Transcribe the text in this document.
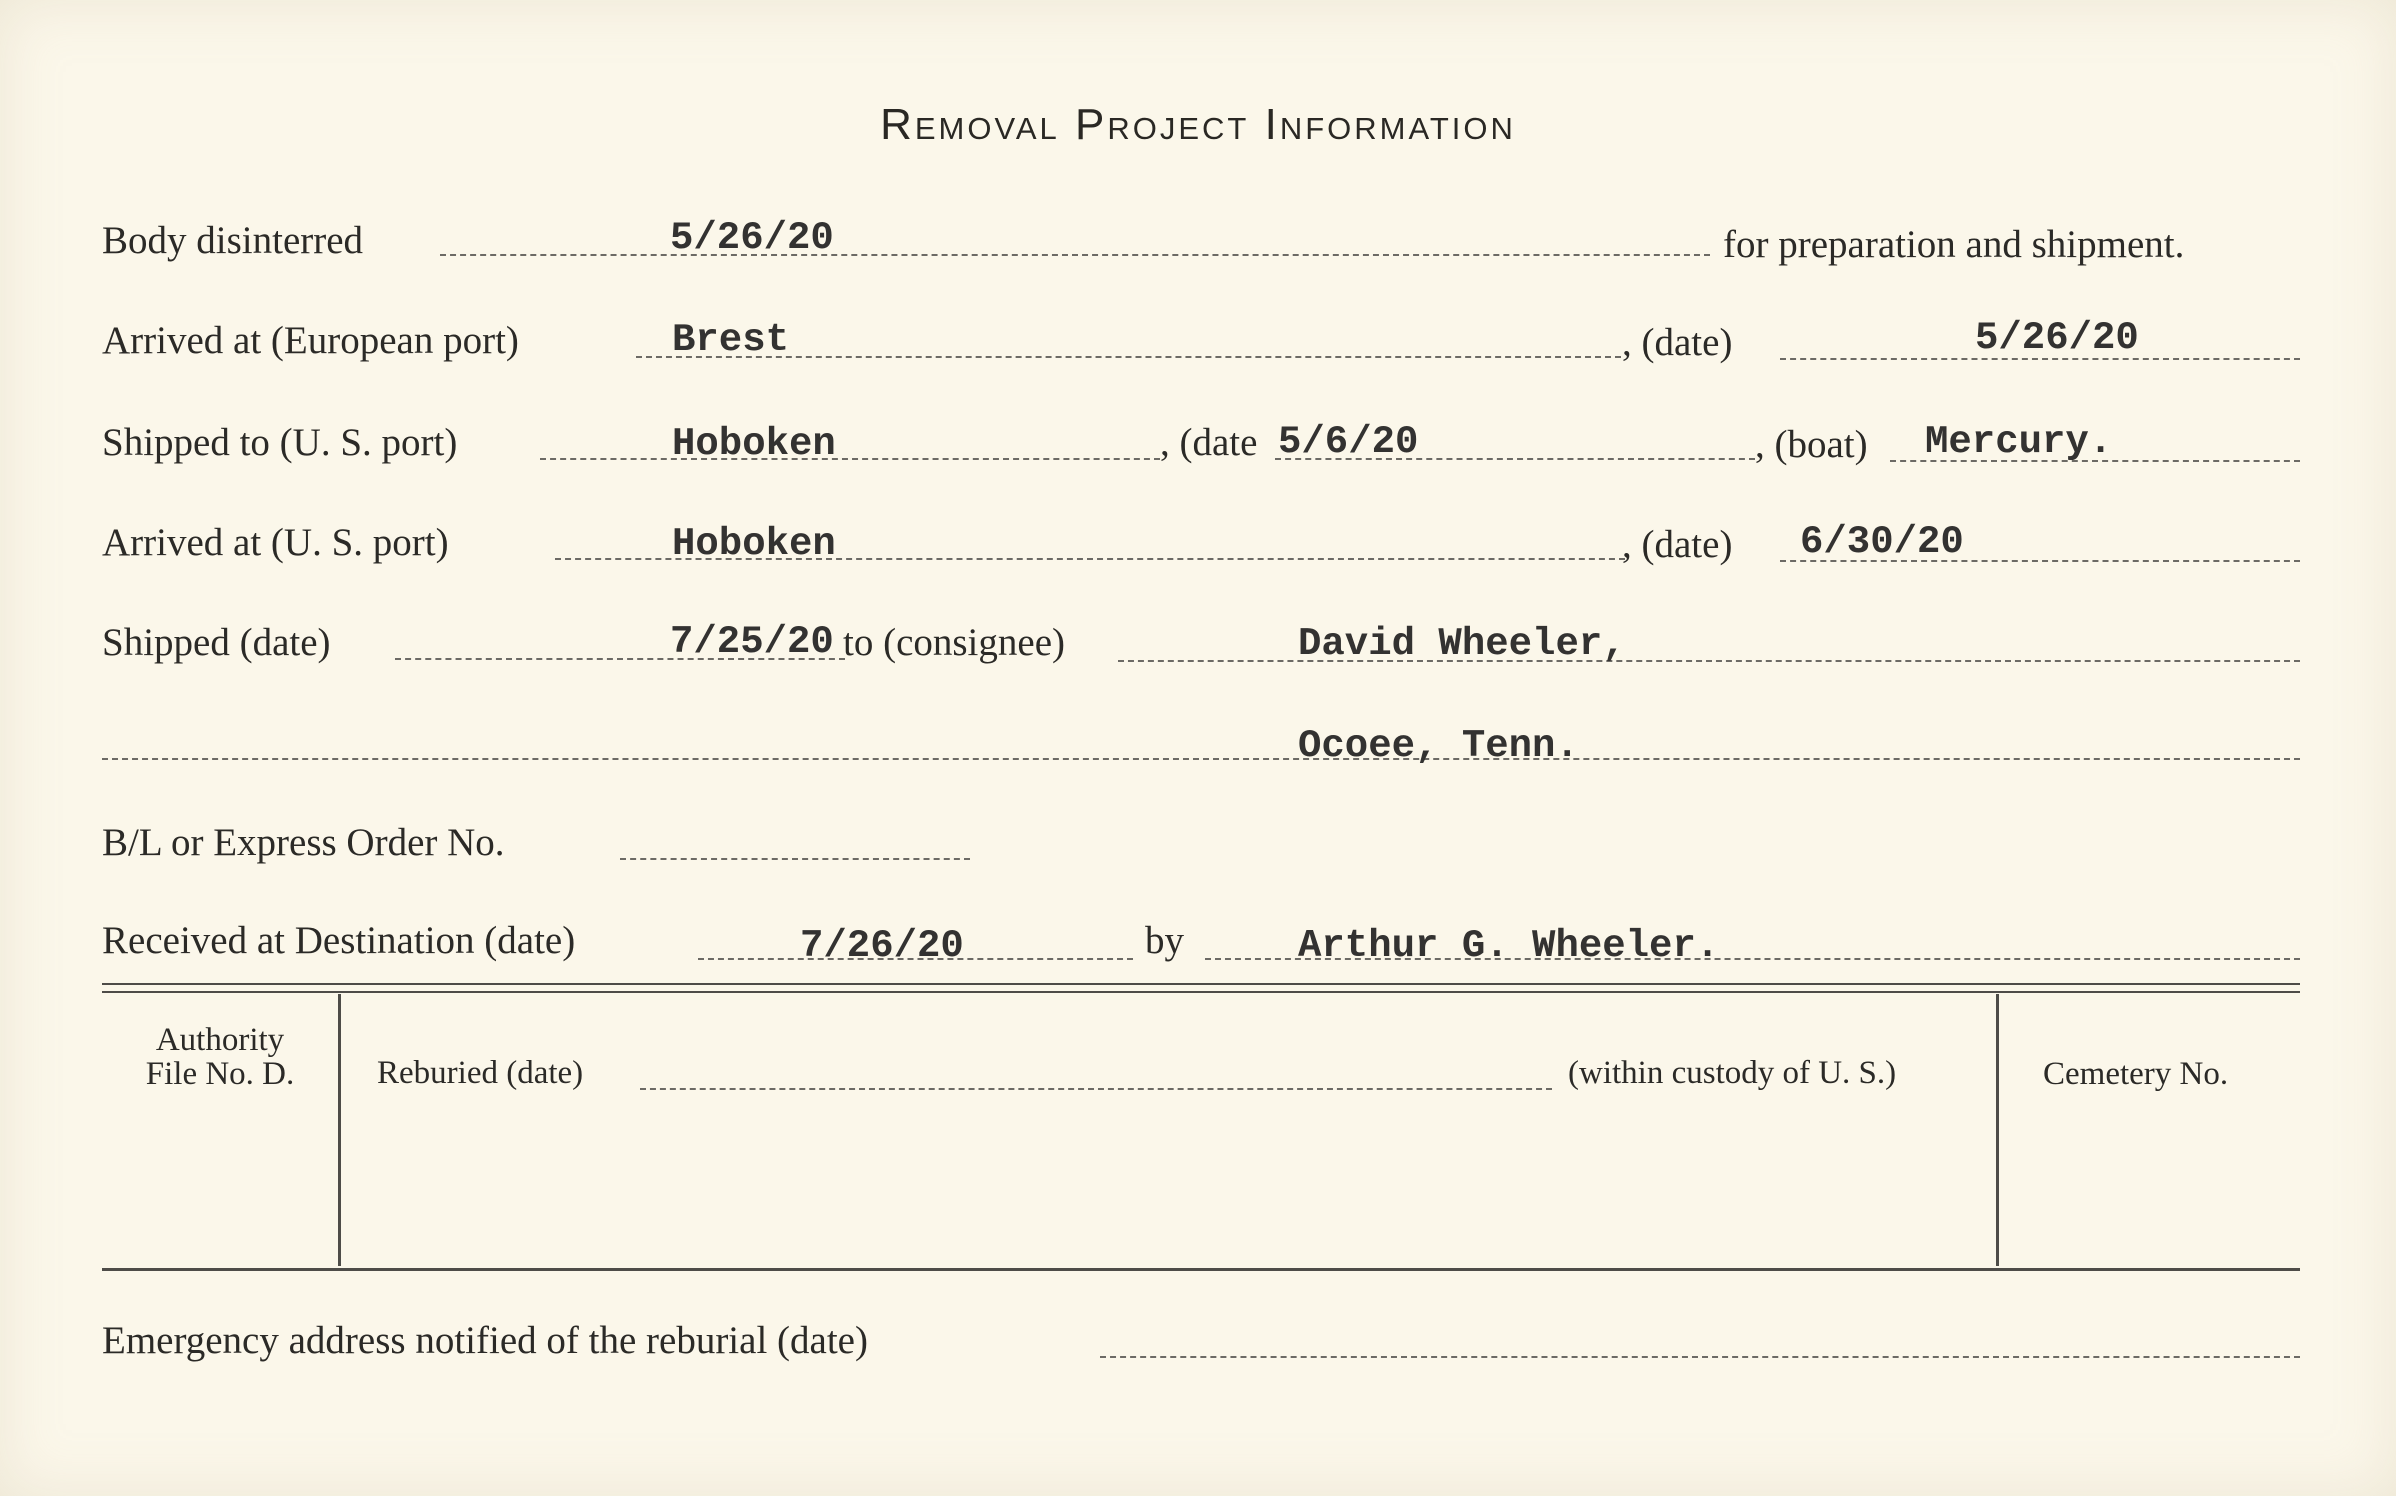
Removal Project Information
Body disinterred	5/26/20	for preparation and shipment.
Arrived at (European port)	Brest	, (date)	5/26/20
Shipped to (U. S. port)	Hoboken	, (date 5/6/20	, (boat) Mercury.
Arrived at (U. S. port)	Hoboken	, (date) 6/30/20
Shipped (date)	7/25/20 to (consignee)	David Wheeler,
Ocoee, Tenn.
B/L or Express Order No.
Received at Destination (date)	7/26/20	by	Arthur G. Wheeler.
Authority
File No. D.	Reburied (date)	(within custody of U. S.)	Cemetery No.
Emergency address notified of the reburial (date)
